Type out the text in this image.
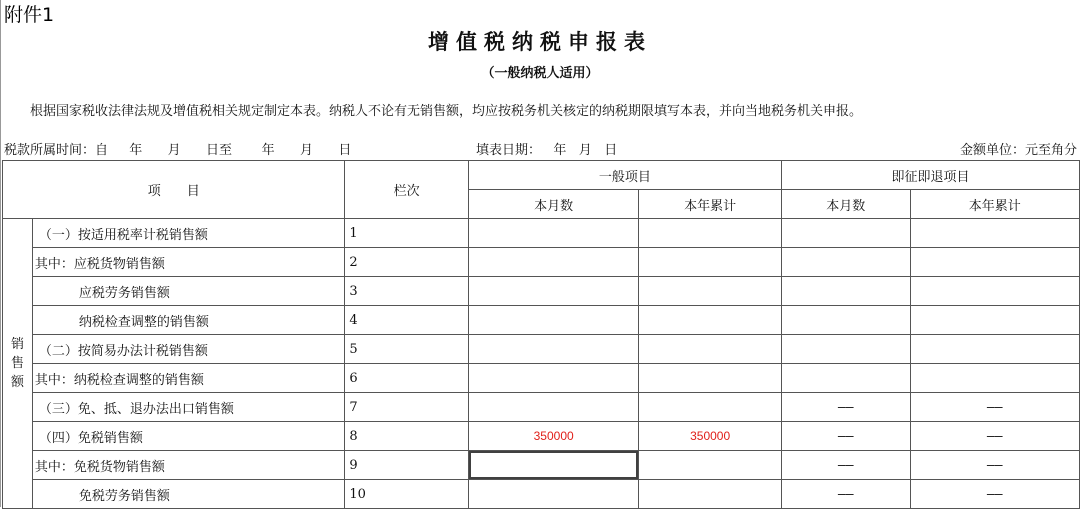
附件1
增值税纳税申报表
（一般纳税人适用）
根据国家税收法律法规及增值税相关规定制定本表。纳税人不论有无销售额，均应按税务机关核定的纳税期限填写本表，并向当地税务机关申报。
税款所属时间：自　  年 　  月 　  日至  　  年 　  月 　  日	填表日期：   年   月   日	金额单位：元至角分
项　　目		栏次	一般项目		即征即退项目	
			本月数	本年累计	本月数	本年累计
销售额	（一）按适用税率计税销售额	1				
	其中：应税货物销售额	2				
	应税劳务销售额	3				
	纳税检查调整的销售额	4				
	（二）按简易办法计税销售额	5				
	其中：纳税检查调整的销售额	6				
	（三）免、抵、退办法出口销售额	7			——	——
	（四）免税销售额	8	350000	350000	——	——
	其中：免税货物销售额	9			——	——
	免税劳务销售额	10			——	——
